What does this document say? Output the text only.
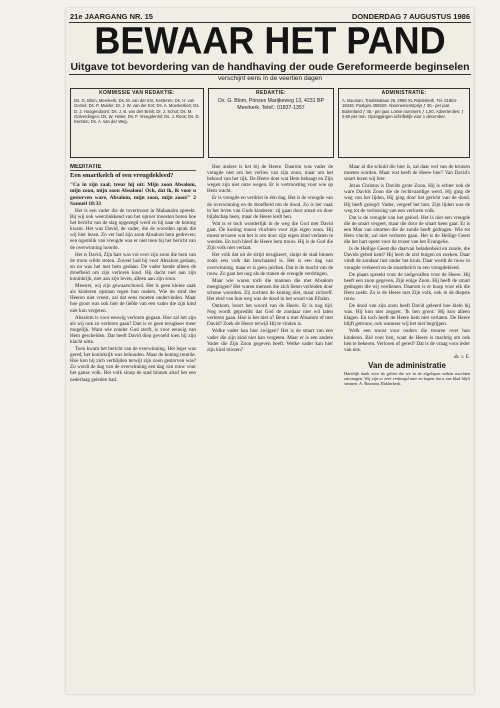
21e JAARGANG NR. 15	DONDERDAG 7 AUGUSTUS 1986
BEWAAR HET PAND
Uitgave tot bevordering van de handhaving der oude Gereformeerde beginselen
verschijnt eens in de veertien dagen
KOMMISSIE VAN REDAKTIE:
Ds. G. Blom, Meerkerk; Ds. M. van der Ent, Kesteren; Ds. H. van Gorsel; Ds. P. Mulder; Dr. J. W. van der Ent; Ds. A. Moerkerken; Ds. D. J. Hoogendoorn; Ds. J. B. van den Brink; Dr. J. Schot; Ds. M. Golverdingen; Ds. W. Hinke; Ds. F. Vreugdenhil; Ds. J. Roos; Ds. D. Kersten; Ds. A. van der Weg.
REDAKTIE:
Ds. G. Blom, Prinses Marijkeweg 13, 4231 BP Meerkerk. Telef.: 01837-1357
ADMINISTRATIE:
A. Bouman, Troelstralaan 26, 2985 XL Ridderkerk. Tel. 01804-18346. Postgiro 455520. Abonnementsprijs ƒ 30,- per jaar. Buitenland ƒ 45,- per jaar. Losse nummers ƒ 1,50. Advertenties: ƒ 0,60 per mm. Opzeggingen schriftelijk voor 1 december.
MEDITATIE
Een smartkelch of een vreugdekleed?

"Ca in zijn zaal; treur hij uit: Mijn zoon Absalom, mijn zoon, mijn zoon Absalom! Och, dat ik, ik voor u gestorven ware, Absalom, mijn zoon, mijn zoon!" 2 Samuël 18:33

Het is een vader die de tovertroost in Mahanaïm spreekt. Bij wij ook weerzinkkend van het oproer moesten horen hoe het bericht van de slag opgezegd werd en hij naar de koning kwam. Het was David, de vader, die de woorden sprak die wij hier lezen. Zo ver had zijn zoon Absalom hem gedreven; een ogenblik van vreugde was er niet toen hij het bericht van de overwinning hoorde.

Het is David, Zijn hart was vol over zijn zoon die hem van de troon wilde stoten. Zoveel had hij voor Absalom gedaan, en nu was het met hem gedaan. De vader kende alleen de droefheid om zijn verloren kind. Hij dacht niet aan zijn koninkrijk, niet aan zijn leven, alleen aan zijn zoon.

Meester, wij zijn gewaarschuwd. Het is geen kleine zaak als kinderen opstaan tegen hun ouders. Wie de straf des Heeren niet vreest, zal dat eens moeten ondervinden. Maar hoe groot was ook hier de liefde van een vader die zijn kind niet kon vergeten.

Absalom is voor eeuwig verloren gegaan. Hoe zal het zijn als wij ook zo verloren gaan? Dan is er geen terugkeer meer mogelijk. Want wie zonder God sterft, is voor eeuwig van Hem gescheiden. Dat heeft David diep gevoeld toen hij zijn klacht uitte.

Toen kwam het bericht van de overwinning. Het leger was gered, het koninkrijk was behouden. Maar de koning treurde. Hoe kon hij zich verblijden terwijl zijn zoon gestorven was? Zo wordt de dag van de overwinning een dag van rouw voor het ganse volk. Het volk sloop de stad binnen alsof het een nederlaag geleden had.

Hoe anders is het bij de Heere. Daarom was vader de vreugde niet om het verlies van zijn zoon, maar om het behoud van het rijk. De Heere doet wat Hem behaagt en Zijn wegen zijn niet onze wegen. Er is vertroosting voor wie op Hem wacht.

Er is vreugde en verdriet in één dag. Het is de vreugde van de overwinning en de droefheid om de dood. Zo is het vaak in het leven van Gods kinderen: zij gaan door smart en door blijdschap heen, maar de Heere leidt hen.

Wat is er toch wonderlijk in de weg die God met David gaat. De koning moest vluchten voor zijn eigen zoon. Hij moest ervaren wat het is om door zijn eigen kind verlaten te worden. En toch bleef de Heere hem trouw. Hij is de God die Zijn volk niet verlaat.

Het volk dat uit de strijd terugkeert, sluipt de stad binnen zoals een volk dat beschaamd is. Het is een dag van overwinning, maar er is geen juichen. Dat is de macht van de rouw. Zo gaat het nog als de tranen de vreugde verdringen.

Maar wie waren toch die mannen die met Absalom meegingen? Het waren mensen die zich lieten verleiden door schone woorden. Zij zochten de koning niet, maar zichzelf. Het eind van hun weg was de dood in het woud van Efraïm.

Ontkom, hoort het woord van de Heere. Er is nog tijd. Nog wordt gepredikt dat God de zondaar niet wil laten verloren gaan. Hoe is het met u? Bent u met Absalom of met David? Zoek de Heere terwijl Hij te vinden is.

Welke vader kan hier zwijgen? Het is de smart van een vader die zijn kind niet kan vergeten. Maar er is een andere Vader die Zijn Zoon gegeven heeft. Welke vader kan hier zijn kind missen?

Maar al die schuld die hier is, zal daar wel van de kruisen moeten worden. Maar wat heeft de Heere hier? Van David's smart lezen wij hier.

Jezus Christus is Davids grote Zoon. Hij is echter ook de ware Davids Zoon die de rechtvaardige werd. Hij ging de weg van het lijden, Hij ging door het gericht van de dood. Hij heeft gezegd: Vader, vergeef het hun. Zijn lijden was de weg tot de verlossing van een verloren volk.

Dat is de vreugde van het geloof. Het is niet een vreugde die de smart vergeet, maar die door de smart heen gaat. Er is een Man van smarten die de zonde heeft gedragen. Wie tot Hem vlucht, zal niet verloren gaan. Het is de Heilige Geest die het hart opent voor de troost van het Evangelie.

Is de Heilige Geest die daarvan beladenheid en zonde, die Davids gebed kent? Hij leert de ziel buigen en zoeken. Daar vindt de zondaar rust onder het kruis. Daar wordt de rouw in vreugde verkeerd en de smartkelch in een vreugdekleed.

De plaats spreekt voor de zielgevallen voor de Heere. Hij heeft een zoon gegeven, Zijn enige Zoon. Hij heeft de smart gedragen die wij verdienen. Daarom is er hoop voor elk die Hem zoekt. Zo is de Heere met Zijn volk, ook in de diepste rouw.

De dood van zijn zoon heeft David geleerd hoe klein hij was. Hij kon niet zeggen: 'Ik ben groot.' Hij kon alleen klagen. En toch heeft de Heere hem niet verlaten. De Heere blijft getrouw, ook wanneer wij het niet begrijpen.

Welk een troost voor ouders die treuren over hun kinderen. Bid voor hen, want de Heere is machtig om ook hen te bekeren. Verloren of gered? Dat is de vraag voor ieder van ons.

ds. v. E.
Van de administratie
Hartelijk dank voor de giften die we in de afgelopen weken mochten ontvangen. Wij zijn er zeer verheugd mee en hopen dat u ons blad blijft steunen. A. Bouman, Ridderkerk.
